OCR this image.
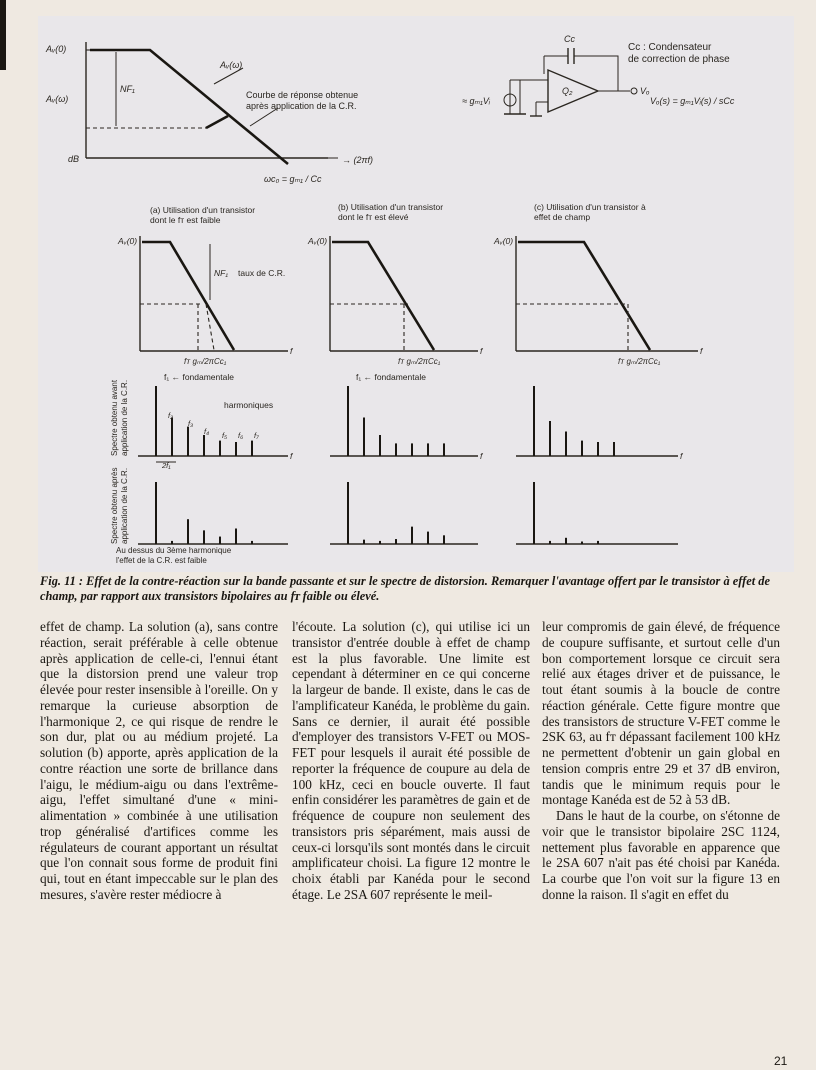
Aᵥ(0)
Aᵥ(ω)
NF₁
Aᵥ(ω)
Courbe de réponse obtenue
après application de la C.R.
dB	→ (2πf)
ωc₀ = gₘ₁ / Cc
Cc
Cc : Condensateur
de correction de phase
≈ gₘ₁Vᵢ
Q₂	Vₒ
Vₒ(s) = gₘ₁Vᵢ(s) / sCc
(a) Utilisation d'un transistor
dont le fᴛ est faible
(b) Utilisation d'un transistor
dont le fᴛ est élevé
(c) Utilisation d'un transistor à
effet de champ
Aᵥ(0)
NF₁ taux de C.R.
fᴛ gₘ/2πCc₁
f
Aᵥ(0)
fᴛ gₘ/2πCc₁
f
Aᵥ(0)
fᴛ gₘ/2πCc₁
f
f₁ ← fondamentale
harmoniques
f₂
f₃
f₄ f₅ f₆ f₇
2f₁
f
f₁ ← fondamentale
f	f
Au dessus du 3ème harmonique
l'effet de la C.R. est faible
Spectre obtenu avant application de la C.R.
Spectre obtenu après application de la C.R.
Fig. 11 : Effet de la contre-réaction sur la bande passante et sur le spectre de distorsion. Remarquer l'avantage offert par le transistor à effet de champ, par rapport aux transistors bipolaires au fᴛ faible ou élevé.

effet de champ. La solution (a), sans contre réaction, serait préférable à celle obtenue après application de celle-ci, l'ennui étant que la distorsion prend une valeur trop élevée pour rester insensible à l'oreille. On y remarque la curieuse absorption de l'harmonique 2, ce qui risque de rendre le son dur, plat ou au médium projeté. La solution (b) apporte, après application de la contre réaction une sorte de brillance dans l'aigu, le médium-aigu ou dans l'extrême-aigu, l'effet simultané d'une « mini-alimentation » combinée à une utilisation trop généralisé d'artifices comme les régulateurs de courant apportant un résultat que l'on connait sous forme de produit fini qui, tout en étant impeccable sur le plan des mesures, s'avère rester médiocre à

l'écoute. La solution (c), qui utilise ici un transistor d'entrée double à effet de champ est la plus favorable. Une limite est cependant à déterminer en ce qui concerne la largeur de bande. Il existe, dans le cas de l'amplificateur Kanéda, le problème du gain. Sans ce dernier, il aurait été possible d'employer des transistors V-FET ou MOS-FET pour lesquels il aurait été possible de reporter la fréquence de coupure au dela de 100 kHz, ceci en boucle ouverte. Il faut enfin considérer les paramètres de gain et de fréquence de coupure non seulement des transistors pris séparément, mais aussi de ceux-ci lorsqu'ils sont montés dans le circuit amplificateur choisi. La figure 12 montre le choix établi par Kanéda pour le second étage. Le 2SA 607 représente le meil-

leur compromis de gain élevé, de fréquence de coupure suffisante, et surtout celle d'un bon comportement lorsque ce circuit sera relié aux étages driver et de puissance, le tout étant soumis à la boucle de contre réaction générale. Cette figure montre que des transistors de structure V-FET comme le 2SK 63, au fᴛ dépassant facilement 100 kHz ne permettent d'obtenir un gain global en tension compris entre 29 et 37 dB environ, tandis que le minimum requis pour le montage Kanéda est de 52 à 53 dB.

Dans le haut de la courbe, on s'étonne de voir que le transistor bipolaire 2SC 1124, nettement plus favorable en apparence que le 2SA 607 n'ait pas été choisi par Kanéda. La courbe que l'on voit sur la figure 13 en donne la raison. Il s'agit en effet du

21
